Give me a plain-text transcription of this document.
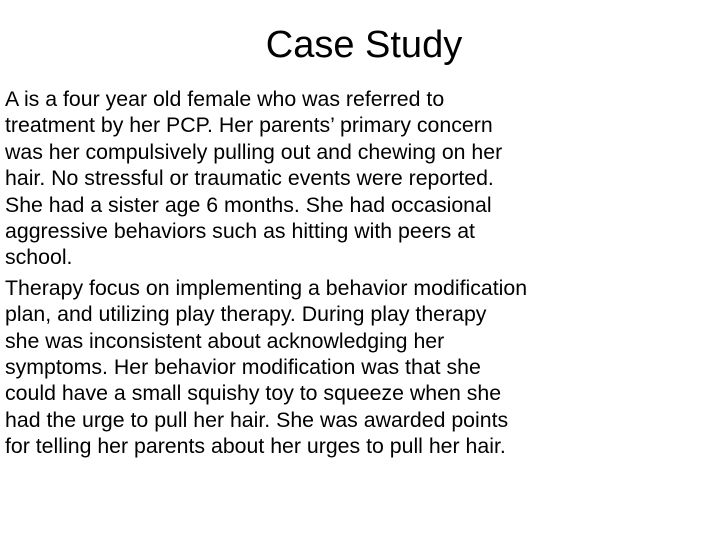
Case Study

A is a four year old female who was referred to
treatment by her PCP. Her parents’ primary concern
was her compulsively pulling out and chewing on her
hair. No stressful or traumatic events were reported.
She had a sister age 6 months. She had occasional
aggressive behaviors such as hitting with peers at
school.

Therapy focus on implementing a behavior modification
plan, and utilizing play therapy. During play therapy
she was inconsistent about acknowledging her
symptoms. Her behavior modification was that she
could have a small squishy toy to squeeze when she
had the urge to pull her hair. She was awarded points
for telling her parents about her urges to pull her hair.
